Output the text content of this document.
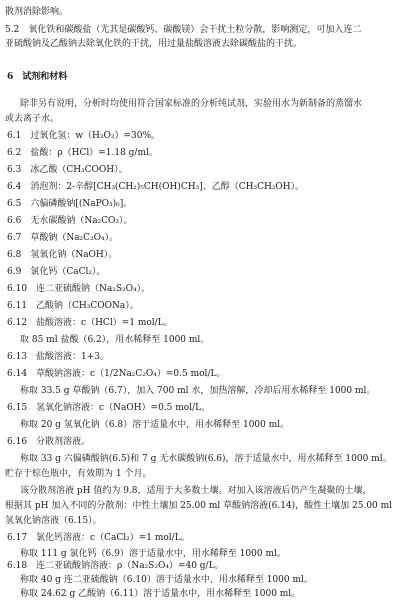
散剂消除影响。
5.2　氧化铁和碳酸盐（尤其是碳酸钙、碳酸镁）会干扰土粒分散，影响测定，可加入连二
亚硫酸钠及乙酸钠去除氧化铁的干扰，用过量盐酸溶液去除碳酸盐的干扰。
6　试剂和材料
除非另有说明，分析时均使用符合国家标准的分析纯试剂，实验用水为新制备的蒸馏水
或去离子水。
6.1　过氧化氢：w（H₂O₂）=30%。
6.2　盐酸：ρ（HCl）=1.18 g/ml。
6.3　冰乙酸（CH₃COOH）。
6.4　消泡剂：2-辛醇[CH₃(CH₂)₅CH(OH)CH₃]、乙醇（CH₃CH₂OH）。
6.5　六偏磷酸钠[(NaPO₃)₆]。
6.6　无水碳酸钠（Na₂CO₃）。
6.7　草酸钠（Na₂C₂O₄）。
6.8　氢氧化钠（NaOH）。
6.9　氯化钙（CaCl₂）。
6.10　连二亚硫酸钠（Na₂S₂O₄）。
6.11　乙酸钠（CH₃COONa）。
6.12　盐酸溶液：c（HCl）=1 mol/L。
取 85 ml 盐酸（6.2），用水稀释至 1000 ml。
6.13　盐酸溶液：1+3。
6.14　草酸钠溶液：c（1/2Na₂C₂O₄）=0.5 mol/L。
称取 33.5 g 草酸钠（6.7），加入 700 ml 水，加热溶解，冷却后用水稀释至 1000 ml。
6.15　氢氧化钠溶液：c（NaOH）=0.5 mol/L。
称取 20 g 氢氧化钠（6.8）溶于适量水中，用水稀释至 1000 ml。
6.16　分散剂溶液。
称取 33 g 六偏磷酸钠(6.5)和 7 g 无水碳酸钠(6.6)，溶于适量水中，用水稀释至 1000 ml。
贮存于棕色瓶中，有效期为 1 个月。
该分散剂溶液 pH 值约为 9.8，适用于大多数土壤。对加入该溶液后仍产生凝聚的土壤，
根据其 pH 加入不同的分散剂：中性土壤加 25.00 ml 草酸钠溶液(6.14)，酸性土壤加 25.00 ml
氢氧化钠溶液（6.15）。
6.17　氯化钙溶液：c（CaCl₂）=1 mol/L。
称取 111 g 氯化钙（6.9）溶于适量水中，用水稀释至 1000 ml。
6.18　连二亚硫酸钠溶液：ρ（Na₂S₂O₄）=40 g/L。
称取 40 g 连二亚硫酸钠（6.10）溶于适量水中，用水稀释至 1000 ml。
称取 24.62 g 乙酸钠（6.11）溶于适量水中，用水稀释至 1000 ml。
